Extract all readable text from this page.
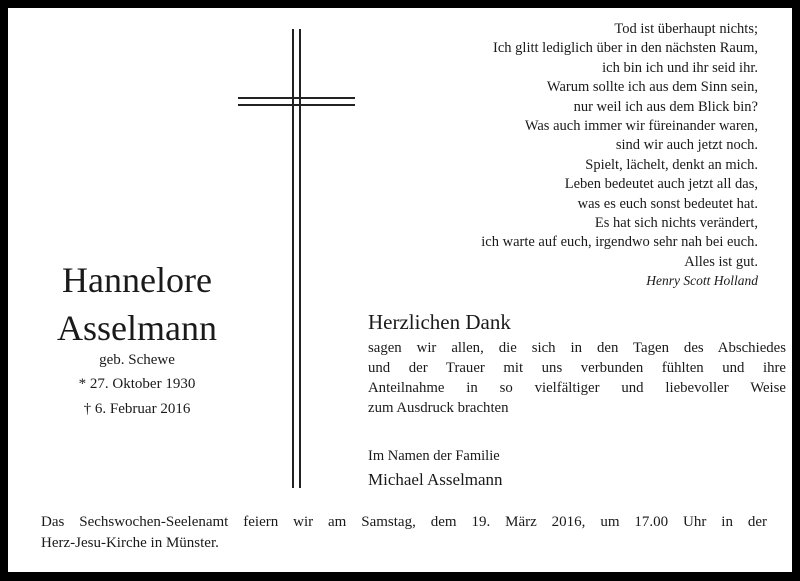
Tod ist überhaupt nichts;
Ich glitt lediglich über in den nächsten Raum,
ich bin ich und ihr seid ihr.
Warum sollte ich aus dem Sinn sein,
nur weil ich aus dem Blick bin?
Was auch immer wir füreinander waren,
sind wir auch jetzt noch.
Spielt, lächelt, denkt an mich.
Leben bedeutet auch jetzt all das,
was es euch sonst bedeutet hat.
Es hat sich nichts verändert,
ich warte auf euch, irgendwo sehr nah bei euch.
Alles ist gut.
Henry Scott Holland
Hannelore
Asselmann
geb. Schewe
* 27. Oktober 1930
† 6. Februar 2016
Herzlichen Dank
sagen wir allen, die sich in den Tagen des Abschiedes
und der Trauer mit uns verbunden fühlten und ihre
Anteilnahme in so vielfältiger und liebevoller Weise
zum Ausdruck brachten
Im Namen der Familie
Michael Asselmann
Das Sechswochen-Seelenamt feiern wir am Samstag, dem 19. März 2016, um 17.00 Uhr in der
Herz-Jesu-Kirche in Münster.
